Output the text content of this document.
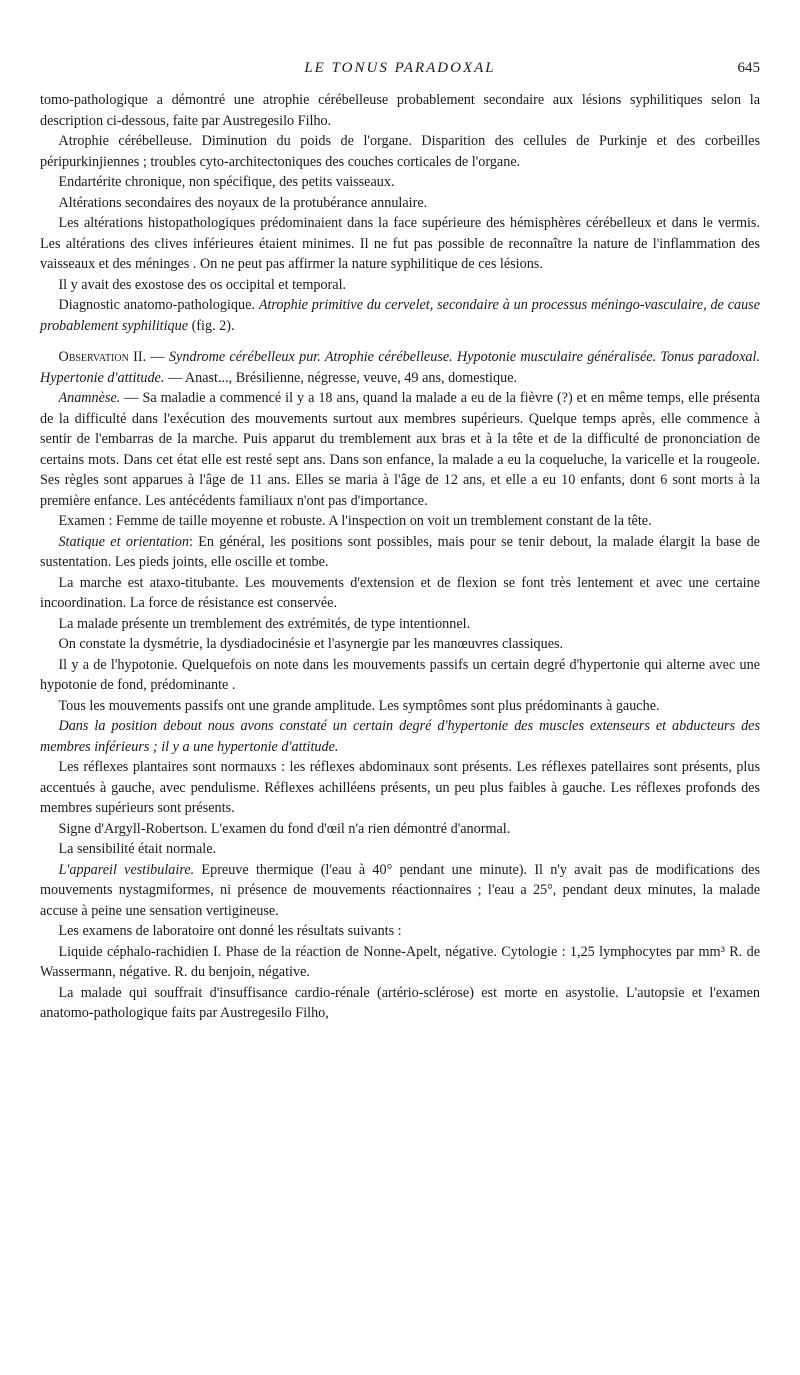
LE TONUS PARADOXAL	645

tomo-pathologique a démontré une atrophie cérébelleuse probablement secondaire aux lésions syphilitiques selon la description ci-dessous, faite par Austregesilo Filho.

Atrophie cérébelleuse. Diminution du poids de l'organe. Disparition des cellules de Purkinje et des corbeilles péripurkinjiennes ; troubles cyto-architectoniques des couches corticales de l'organe.

Endartérite chronique, non spécifique, des petits vaisseaux.

Altérations secondaires des noyaux de la protubérance annulaire.

Les altérations histopathologiques prédominaient dans la face supérieure des hémisphères cérébelleux et dans le vermis. Les altérations des clives inférieures étaient minimes. Il ne fut pas possible de reconnaître la nature de l'inflammation des vaisseaux et des méninges . On ne peut pas affirmer la nature syphilitique de ces lésions.

Il y avait des exostose des os occipital et temporal.

Diagnostic anatomo-pathologique. Atrophie primitive du cervelet, secondaire à un processus méningo-vasculaire, de cause probablement syphilitique (fig. 2).

Observation II. — Syndrome cérébelleux pur. Atrophie cérébelleuse. Hypotonie musculaire généralisée. Tonus paradoxal. Hypertonie d'attitude. — Anast..., Brésilienne, négresse, veuve, 49 ans, domestique.

Anamnèse. — Sa maladie a commencé il y a 18 ans, quand la malade a eu de la fièvre (?) et en même temps, elle présenta de la difficulté dans l'exécution des mouvements surtout aux membres supérieurs. Quelque temps après, elle commence à sentir de l'embarras de la marche. Puis apparut du tremblement aux bras et à la tête et de la difficulté de prononciation de certains mots. Dans cet état elle est resté sept ans. Dans son enfance, la malade a eu la coqueluche, la varicelle et la rougeole. Ses règles sont apparues à l'âge de 11 ans. Elles se maria à l'âge de 12 ans, et elle a eu 10 enfants, dont 6 sont morts à la première enfance. Les antécédents familiaux n'ont pas d'importance.

Examen : Femme de taille moyenne et robuste. A l'inspection on voit un tremblement constant de la tête.

Statique et orientation: En général, les positions sont possibles, mais pour se tenir debout, la malade élargit la base de sustentation. Les pieds joints, elle oscille et tombe.

La marche est ataxo-titubante. Les mouvements d'extension et de flexion se font très lentement et avec une certaine incoordination. La force de résistance est conservée.

La malade présente un tremblement des extrémités, de type intentionnel.

On constate la dysmétrie, la dysdiadocinésie et l'asynergie par les manœuvres classiques.

Il y a de l'hypotonie. Quelquefois on note dans les mouvements passifs un certain degré d'hypertonie qui alterne avec une hypotonie de fond, prédominante .

Tous les mouvements passifs ont une grande amplitude. Les symptômes sont plus prédominants à gauche.

Dans la position debout nous avons constaté un certain degré d'hypertonie des muscles extenseurs et abducteurs des membres inférieurs ; il y a une hypertonie d'attitude.

Les réflexes plantaires sont normauxs : les réflexes abdominaux sont présents. Les réflexes patellaires sont présents, plus accentués à gauche, avec pendulisme. Réflexes achilléens présents, un peu plus faibles à gauche. Les réflexes profonds des membres supérieurs sont présents.

Signe d'Argyll-Robertson. L'examen du fond d'œil n'a rien démontré d'anormal.

La sensibilité était normale.

L'appareil vestibulaire. Epreuve thermique (l'eau à 40° pendant une minute). Il n'y avait pas de modifications des mouvements nystagmiformes, ni présence de mouvements réactionnaires ; l'eau a 25°, pendant deux minutes, la malade accuse à peine une sensation vertigineuse.

Les examens de laboratoire ont donné les résultats suivants :

Liquide céphalo-rachidien I. Phase de la réaction de Nonne-Apelt, négative. Cytologie : 1,25 lymphocytes par mm³ R. de Wassermann, négative. R. du benjoin, négative.

La malade qui souffrait d'insuffisance cardio-rénale (artério-sclérose) est morte en asystolie. L'autopsie et l'examen anatomo-pathologique faits par Austregesilo Filho,
